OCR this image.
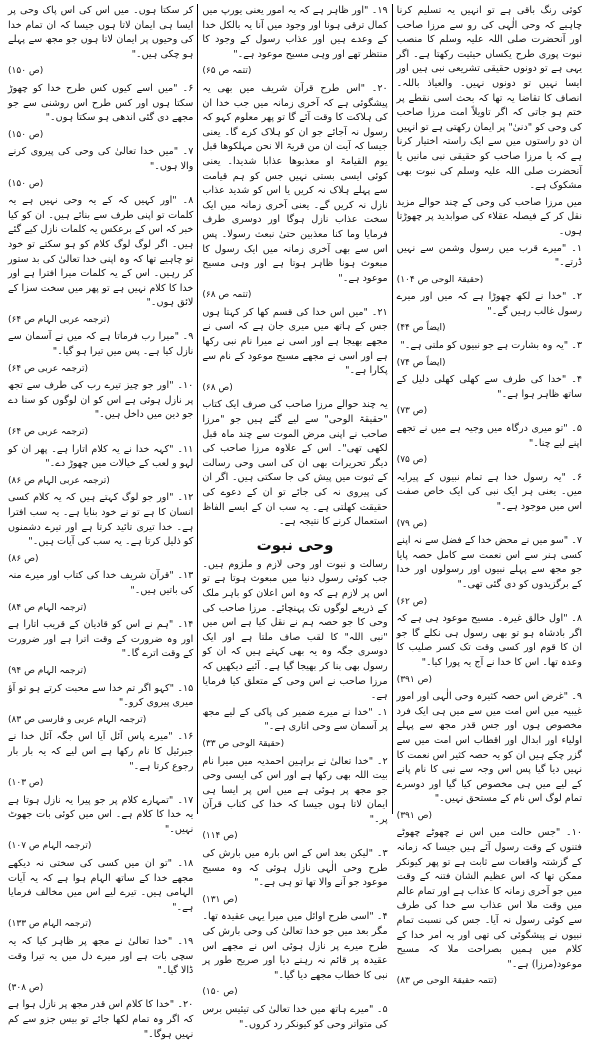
کوئی رنگ باقی ہے تو انہیں یہ تسلیم کرنا چاہیے کہ وحی الٰہی کی رو سے مرزا صاحب اور آنحضرت صلی اللہ علیہ وسلم کا منصب نبوت پوری طرح یکساں حیثیت رکھتا ہے۔ اگر یہی ہے تو دونوں حقیقی تشریعی نبی ہیں اور ایسا نہیں تو دونوں نہیں۔ والعیاذ باللہ۔ انصاف کا تقاضا یہ تھا کہ بحث اسی نقطے پر ختم ہو جاتی کہ اگر تاویلاً امت مرزا صاحب کی وحی کو "دنیٰ" پر ایمان رکھتی ہے تو انہیں ان دو راستوں میں سے ایک راستہ اختیار کرنا ہے کہ یا مرزا صاحب کو حقیقی نبی مانیں یا آنحضرت صلی اللہ علیہ وسلم کی نبوت بھی مشکوک ہے۔

میں مرزا صاحب کی وحی کے چند حوالے مزید نقل کر کے فیصلہ عقلاء کی صوابدید پر چھوڑتا ہوں۔

۱۔ "میرے قرب میں رسول وشمن سے نہیں ڈرتے۔"

(حقیقۃ الوحی ص ۱۰۴)

۲۔ "خدا نے لکھ چھوڑا ہے کہ میں اور میرے رسول غالب رہیں گے۔"

(ایضاً ص ۴۴)

۳۔ "یہ وہ بشارت ہے جو نبیوں کو ملتی ہے۔"

(ایضاً ص ۷۴)

۴۔ "خدا کی طرف سے کھلی کھلی دلیل کے ساتھ ظاہر ہوا ہے۔"

(ص ۷۳)

۵۔ "تو میری درگاہ میں وجیہ ہے میں نے تجھے اپنے لیے چنا۔"

(ص ۷۵)

۶۔ "یہ رسول خدا ہے تمام نبیوں کے پیرایہ میں۔ یعنی ہر ایک نبی کی ایک خاص صفت اس میں موجود ہے۔"

(ص ۷۹)

۷۔ "سو میں نے محض خدا کے فضل سے نہ اپنے کسی ہنر سے اس نعمت سے کامل حصہ پایا جو مجھ سے پہلے نبیوں اور رسولوں اور خدا کے برگزیدوں کو دی گئی تھی۔"

(ص ۶۲)

۸۔ "اول خالق غیرہ۔ مسیح موعود ہی ہے کہ اگر بادشاہ ہو تو بھی رسول ہی نکلے گا جو ان کا قوم اور کسی وقت تک کسر صلیب کا وعدہ تھا۔ اس کا خدا نے آج یہ پورا کیا۔"

(ص ۳۹۱)

۹۔ "غرض اس حصہ کثیرہ وحی الٰہی اور امور غیبیہ میں اس امت میں سے میں ہی ایک فرد مخصوص ہوں اور جس قدر مجھ سے پہلے اولیاء اور ابدال اور اقطاب اس امت میں سے گزر چکے ہیں ان کو یہ حصہ کثیر اس نعمت کا نہیں دیا گیا پس اس وجہ سے نبی کا نام پانے کے لیے میں ہی مخصوص کیا گیا اور دوسرے تمام لوگ اس نام کے مستحق نہیں۔"

(ص ۳۹۱)

۱۰۔ "جس حالت میں اس نے چھوٹے چھوٹے فتنوں کے وقت رسول آئے ہیں جیسا کہ زمانہ کے گزشتہ واقعات سے ثابت ہے تو پھر کیونکر ممکن تھا کہ اس عظیم الشان فتنہ کے وقت میں جو آخری زمانہ کا عذاب ہے اور تمام عالم میں وقت ملا اس عذاب سے خدا کی طرف سے کوئی رسول نہ آیا۔ جس کی نسبت تمام نبیوں نے پیشگوئی کی تھی اور یہ امر خدا کے کلام میں ہمیں بصراحت ملا کہ مسیح موعود(مرزا) ہے۔"

(تتمہ حقیقۃ الوحی ص ۸۳)

۱۹۔ "اور ظاہر ہے کہ یہ امور یعنی یورپ میں کمال ترقی ہونا اور وجود میں آنا یہ بالکل خدا کے وعدے ہیں اور عذاب رسول کے وجود کا منتظر تھے اور وہی مسیح موعود ہے۔"

(تتمہ ص ۶۵)

۲۰۔ "اس طرح قرآن شریف میں بھی یہ پیشگوئی ہے کہ آخری زمانہ میں جب خدا ان کی ہلاکت کا وقت آئے گا تو پھر معلوم کہو کہ رسول نہ آجائے جو ان کو ہلاک کرے گا۔ یعنی جیسا کہ آیت ان من قریۃ الا نحن مہلکوھا قبل یوم القیامۃ او معذبوھا عذابا شدیدا۔ یعنی کوئی ایسی بستی نہیں جس کو ہم قیامت سے پہلے ہلاک نہ کریں یا اس کو شدید عذاب نازل نہ کریں گے۔ یعنی آخری زمانہ میں ایک سخت عذاب نازل ہوگا اور دوسری طرف فرمایا وما کنا معذبین حتیٰ نبعث رسولا۔ پس اس سے بھی آخری زمانہ میں ایک رسول کا مبعوث ہونا ظاہر ہوتا ہے اور وہی مسیح موعود ہے۔"

(تتمہ ص ۶۸)

۲۱۔ "میں اس خدا کی قسم کھا کر کہتا ہوں جس کے ہاتھ میں میری جان ہے کہ اسی نے مجھے بھیجا ہے اور اسی نے میرا نام نبی رکھا ہے اور اسی نے مجھے مسیح موعود کے نام سے پکارا ہے۔"

(ص ۶۸)

یہ چند حوالے مرزا صاحب کی صرف ایک کتاب "حقیقۃ الوحی" سے لیے گئے ہیں جو "مرزا صاحب نے اپنی مرض الموت سے چند ماہ قبل لکھی تھی"۔ اس کے علاوہ مرزا صاحب کی دیگر تحریرات بھی ان کی اسی وحی رسالت کے ثبوت میں پیش کی جا سکتی ہیں۔ اگر ان کی پیروی نہ کی جائے تو ان کے دعوے کی حقیقت کھلتی ہے۔ یہ سب ان کے ایسے الفاظ استعمال کرنے کا نتیجہ ہے۔

وحی نبوت

رسالت و نبوت اور وحی لازم و ملزوم ہیں۔ جب کوئی رسول دنیا میں مبعوث ہوتا ہے تو اس پر لازم ہے کہ وہ اس اعلان کو باہر ملک کے ذریعے لوگوں تک پہنچائے۔ مرزا صاحب کی وحی کا جو حصہ ہم نے نقل کیا ہے اس میں "نبی اللہ" کا لقب صاف ملتا ہے اور ایک دوسری جگہ وہ یہ بھی کہتے ہیں کہ ان کو رسول بھی بنا کر بھیجا گیا ہے۔ آئیے دیکھیں کہ مرزا صاحب نے اس وحی کے متعلق کیا فرمایا ہے۔

۱۔ "خدا نے میرے ضمیر کی پاکی کے لیے مجھ پر آسمان سے وحی اتاری ہے۔"

(حقیقۃ الوحی ص ۳۳)

۲۔ "خدا تعالیٰ نے براہین احمدیہ میں میرا نام بیت اللہ بھی رکھا ہے اور اس کی ایسی وحی جو مجھ پر ہوئی ہے میں اس پر ایسا ہی ایمان لاتا ہوں جیسا کہ خدا کی کتاب قرآن پر۔"

(ص ۱۱۴)

۳۔ "لیکن بعد اس کے اس بارہ میں بارش کی طرح وحی الٰہی نازل ہوئی کہ وہ مسیح موعود جو آنے والا تھا تو ہی ہے۔"

(ص ۱۳۱)

۴۔ "اسی طرح اوائل میں میرا یہی عقیدہ تھا۔ مگر بعد میں جو خدا تعالیٰ کی وحی بارش کی طرح میرے پر نازل ہوئی اس نے مجھے اس عقیدہ پر قائم نہ رہنے دیا اور صریح طور پر نبی کا خطاب مجھے دیا گیا۔"

(ص ۱۵۰)

۵۔ "میرے ہاتھ میں خدا تعالیٰ کی تیئیس برس کی متواتر وحی کو کیونکر رد کروں۔"

کر سکتا ہوں۔ میں اس کی اس پاک وحی پر ایسا ہی ایمان لاتا ہوں جیسا کہ ان تمام خدا کی وحیوں پر ایمان لاتا ہوں جو مجھ سے پہلے ہو چکی ہیں۔"

(ص ۱۵۰)

۶۔ "میں اسے کیوں کس طرح خدا کو چھوڑ سکتا ہوں اور کس طرح اس روشنی سے جو مجھے دی گئی اندھی ہو سکتا ہوں۔"

(ص ۱۵۰)

۷۔ "میں خدا تعالیٰ کی وحی کی پیروی کرنے والا ہوں۔"

(ص ۱۵۰)

۸۔ "اور کہیں کہ کے یہ وحی نہیں ہے یہ کلمات تو اپنی طرف سے بنائے ہیں۔ ان کو کیا خبر کہ اس کے برعکس یہ کلمات نازل کیے گئے ہیں۔ اگر لوگ لوگ کلام کو ہو سکتے تو خود تو چاہیے تھا کہ وہ اپنی خدا تعالیٰ کی بد ستور کر رہیں۔ اس کے یہ کلمات میرا افترا ہے اور خدا کا کلام نہیں ہے تو پھر میں سخت سزا کے لائق ہوں۔"

(ترجمہ عربی الہام ص ۶۴)

۹۔ "میرا رب فرماتا ہے کہ میں نے آسمان سے نازل کیا ہے۔ پس میں تیرا ہو گیا۔"

(ترجمہ عربی ص ۶۴)

۱۰۔ "اور جو چیز تیرے رب کی طرف سے تجھ پر نازل ہوئی ہے اس کو ان لوگوں کو سنا دے جو دین میں داخل ہیں۔"

(ترجمہ عربی ص ۶۴)

۱۱۔ "کہہ خدا نے یہ کلام اتارا ہے۔ پھر ان کو لہو و لعب کے خیالات میں چھوڑ دے۔"

(ترجمہ عربی الہام ص ۸۶)

۱۲۔ "اور جو لوگ کہتے ہیں کہ یہ کلام کسی انسان کا ہے تو نے خود بنایا ہے۔ یہ سب افترا ہے۔ خدا تیری تائید کرتا ہے اور تیرے دشمنوں کو ذلیل کرتا ہے۔ یہ سب کی آیات ہیں۔"

(ص ۸۶)

۱۳۔ "قرآن شریف خدا کی کتاب اور میرے منہ کی باتیں ہیں۔"

(ترجمہ الہام ص ۸۴)

۱۴۔ "ہم نے اس کو قادیان کے قریب اتارا ہے اور وہ ضرورت کے وقت اترا ہے اور ضرورت کے وقت اترے گا۔"

(ترجمہ الہام ص ۹۴)

۱۵۔ "کہو اگر تم خدا سے محبت کرتے ہو تو آؤ میری پیروی کرو۔"

(ترجمہ الہام عربی و فارسی ص ۸۳)

۱۶۔ "میرے پاس آئل آیا اس جگہ آئل خدا نے جبرئیل کا نام رکھا ہے اس لیے کہ یہ بار بار رجوع کرتا ہے۔"

(ص ۱۰۳)

۱۷۔ "تمہارے کلام پر جو پیرا یہ نازل ہوتا ہے یہ خدا کا کلام ہے۔ اس میں کوئی بات جھوٹ نہیں۔"

(ترجمہ الہام ص ۱۰۷)

۱۸۔ "تو ان میں کسی کی سختی نہ دیکھے مجھے خدا کے ساتھ الہام ہوا ہے کہ یہ آیات الہامی ہیں۔ تیرے لیے اس میں مخالف فرمایا ہے۔"

(ترجمہ الہام ص ۱۳۳)

۱۹۔ "خدا تعالیٰ نے مجھ پر ظاہر کیا کہ یہ سچی بات ہے اور میرے دل میں یہ تیرا وقت ڈالا گیا۔"

(ص ۳۰۸)

۲۰۔ "خدا کا کلام اس قدر مجھ پر نازل ہوا ہے کہ اگر وہ تمام لکھا جائے تو بیس جزو سے کم نہیں ہوگا۔"
